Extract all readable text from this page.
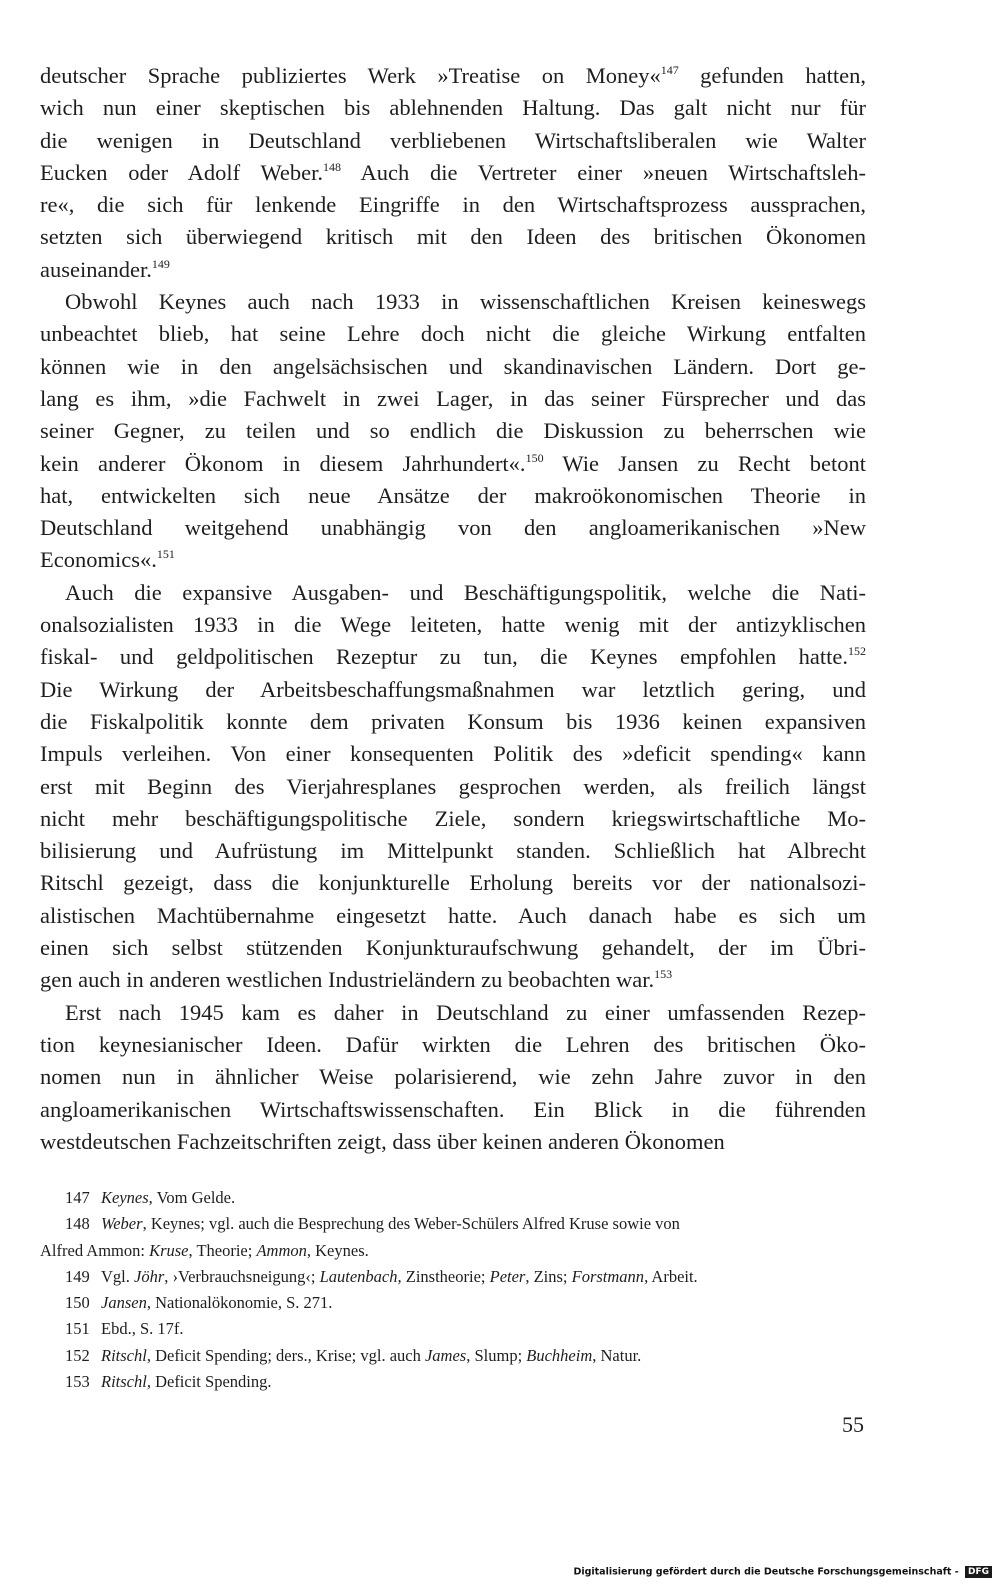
deutscher Sprache publiziertes Werk »Treatise on Money«$^{147}$ gefunden hatten,
wich nun einer skeptischen bis ablehnenden Haltung. Das galt nicht nur für
die wenigen in Deutschland verbliebenen Wirtschaftsliberalen wie Walter
Eucken oder Adolf Weber.$^{148}$ Auch die Vertreter einer »neuen Wirtschaftsleh-
re«, die sich für lenkende Eingriffe in den Wirtschaftsprozess aussprachen,
setzten sich überwiegend kritisch mit den Ideen des britischen Ökonomen
auseinander.$^{149}$
Obwohl Keynes auch nach 1933 in wissenschaftlichen Kreisen keineswegs
unbeachtet blieb, hat seine Lehre doch nicht die gleiche Wirkung entfalten
können wie in den angelsächsischen und skandinavischen Ländern. Dort ge-
lang es ihm, »die Fachwelt in zwei Lager, in das seiner Fürsprecher und das
seiner Gegner, zu teilen und so endlich die Diskussion zu beherrschen wie
kein anderer Ökonom in diesem Jahrhundert«.$^{150}$ Wie Jansen zu Recht betont
hat, entwickelten sich neue Ansätze der makroökonomischen Theorie in
Deutschland weitgehend unabhängig von den angloamerikanischen »New
Economics«.$^{151}$
Auch die expansive Ausgaben- und Beschäftigungspolitik, welche die Nati-
onalsozialisten 1933 in die Wege leiteten, hatte wenig mit der antizyklischen
fiskal- und geldpolitischen Rezeptur zu tun, die Keynes empfohlen hatte.$^{152}$
Die Wirkung der Arbeitsbeschaffungsmaßnahmen war letztlich gering, und
die Fiskalpolitik konnte dem privaten Konsum bis 1936 keinen expansiven
Impuls verleihen. Von einer konsequenten Politik des »deficit spending« kann
erst mit Beginn des Vierjahresplanes gesprochen werden, als freilich längst
nicht mehr beschäftigungspolitische Ziele, sondern kriegswirtschaftliche Mo-
bilisierung und Aufrüstung im Mittelpunkt standen. Schließlich hat Albrecht
Ritschl gezeigt, dass die konjunkturelle Erholung bereits vor der nationalsozi-
alistischen Machtübernahme eingesetzt hatte. Auch danach habe es sich um
einen sich selbst stützenden Konjunkturaufschwung gehandelt, der im Übri-
gen auch in anderen westlichen Industrieländern zu beobachten war.$^{153}$
Erst nach 1945 kam es daher in Deutschland zu einer umfassenden Rezep-
tion keynesianischer Ideen. Dafür wirkten die Lehren des britischen Öko-
nomen nun in ähnlicher Weise polarisierend, wie zehn Jahre zuvor in den
angloamerikanischen Wirtschaftswissenschaften. Ein Blick in die führenden
westdeutschen Fachzeitschriften zeigt, dass über keinen anderen Ökonomen
147 Keynes, Vom Gelde.
148 Weber, Keynes; vgl. auch die Besprechung des Weber-Schülers Alfred Kruse sowie von
Alfred Ammon: Kruse, Theorie; Ammon, Keynes.
149 Vgl. Jöhr, ›Verbrauchsneigung‹; Lautenbach, Zinstheorie; Peter, Zins; Forstmann, Arbeit.
150 Jansen, Nationalökonomie, S. 271.
151 Ebd., S. 17f.
152 Ritschl, Deficit Spending; ders., Krise; vgl. auch James, Slump; Buchheim, Natur.
153 Ritschl, Deficit Spending.
55
Digitalisierung gefördert durch die Deutsche Forschungsgemeinschaft - DFG
